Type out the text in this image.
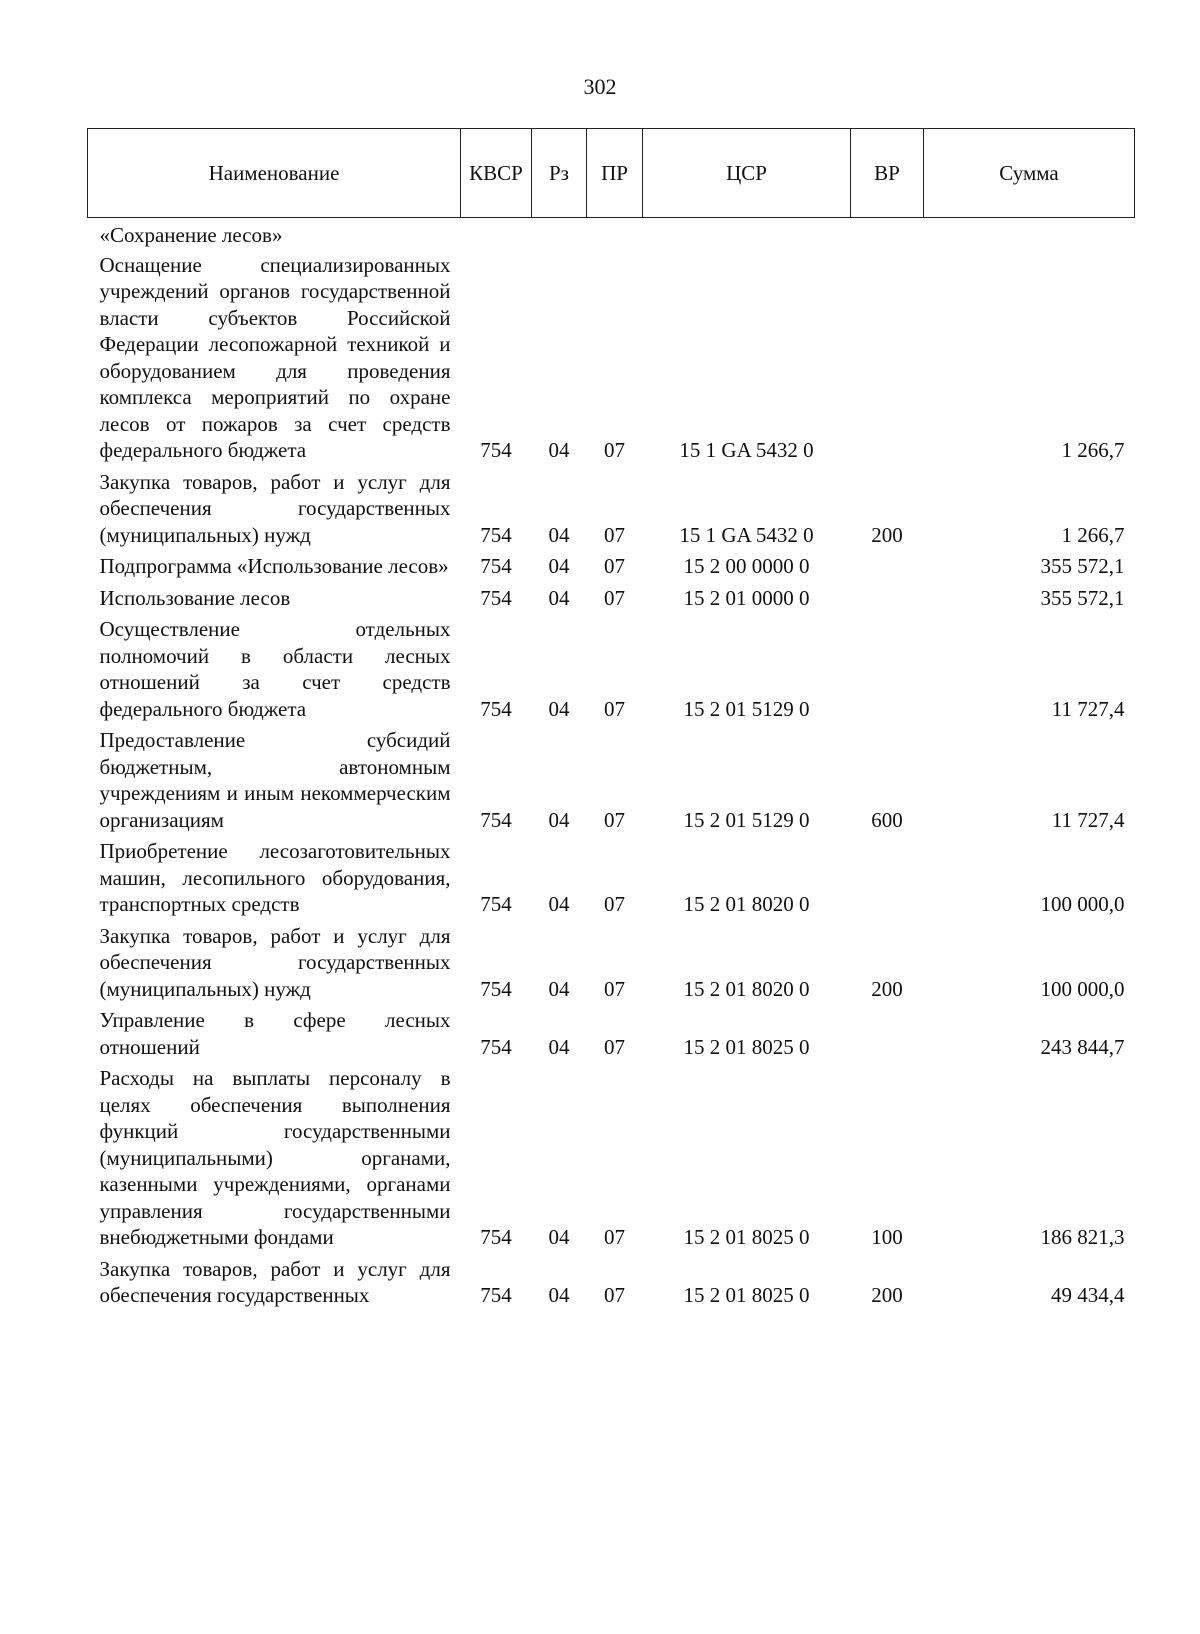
302
Наименование	КВСР	Рз	ПР	ЦСР	ВР	Сумма
«Сохранение лесов»						
Оснащение специализированных учреждений органов государственной власти субъектов Российской Федерации лесопожарной техникой и оборудованием для проведения комплекса мероприятий по охране лесов от пожаров за счет средств федерального бюджета	754	04	07	15 1 GA 5432 0		1 266,7
Закупка товаров, работ и услуг для обеспечения государственных (муниципальных) нужд	754	04	07	15 1 GA 5432 0	200	1 266,7
Подпрограмма «Использование лесов»	754	04	07	15 2 00 0000 0		355 572,1
Использование лесов	754	04	07	15 2 01 0000 0		355 572,1
Осуществление отдельных полномочий в области лесных отношений за счет средств федерального бюджета	754	04	07	15 2 01 5129 0		11 727,4
Предоставление субсидий бюджетным, автономным учреждениям и иным некоммерческим организациям	754	04	07	15 2 01 5129 0	600	11 727,4
Приобретение лесозаготовительных машин, лесопильного оборудования, транспортных средств	754	04	07	15 2 01 8020 0		100 000,0
Закупка товаров, работ и услуг для обеспечения государственных (муниципальных) нужд	754	04	07	15 2 01 8020 0	200	100 000,0
Управление в сфере лесных отношений	754	04	07	15 2 01 8025 0		243 844,7
Расходы на выплаты персоналу в целях обеспечения выполнения функций государственными (муниципальными) органами, казенными учреждениями, органами управления государственными внебюджетными фондами	754	04	07	15 2 01 8025 0	100	186 821,3
Закупка товаров, работ и услуг для обеспечения государственных	754	04	07	15 2 01 8025 0	200	49 434,4
